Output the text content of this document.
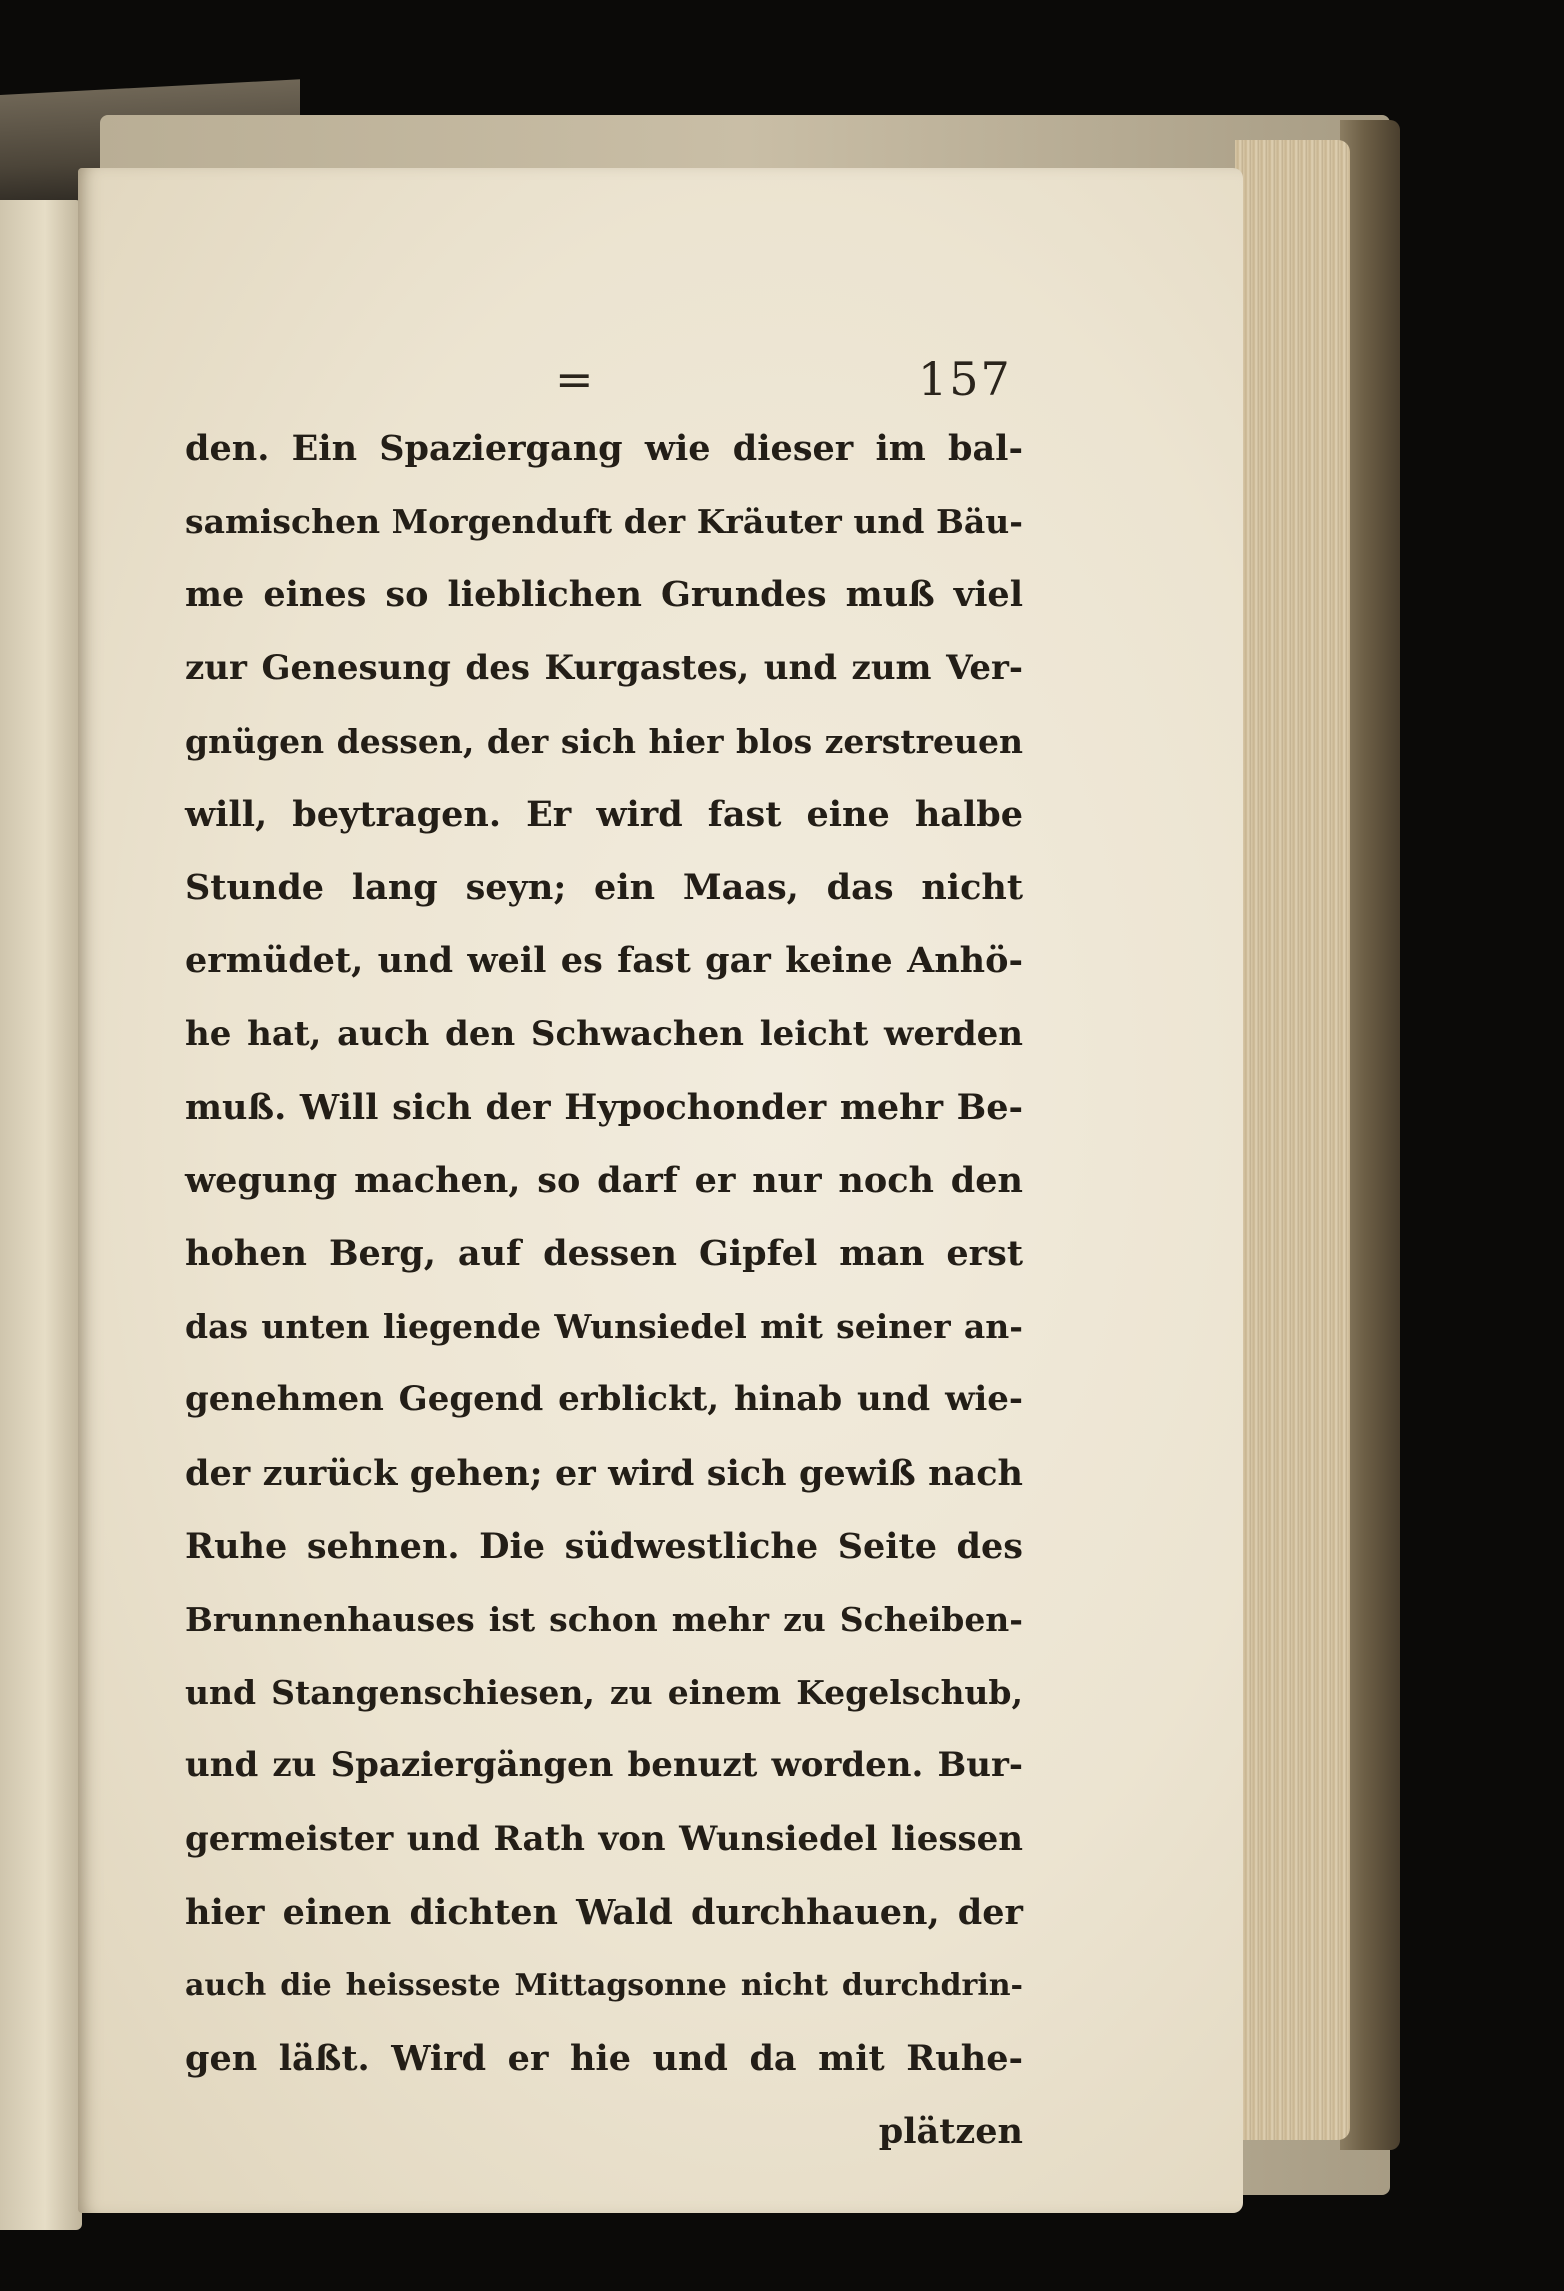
=	157
den. Ein Spaziergang wie dieser im bal-
samischen Morgenduft der Kräuter und Bäu-
me eines so lieblichen Grundes muß viel
zur Genesung des Kurgastes, und zum Ver-
gnügen dessen, der sich hier blos zerstreuen
will, beytragen. Er wird fast eine halbe
Stunde lang seyn; ein Maas, das nicht
ermüdet, und weil es fast gar keine Anhö-
he hat, auch den Schwachen leicht werden
muß. Will sich der Hypochonder mehr Be-
wegung machen, so darf er nur noch den
hohen Berg, auf dessen Gipfel man erst
das unten liegende Wunsiedel mit seiner an-
genehmen Gegend erblickt, hinab und wie-
der zurück gehen; er wird sich gewiß nach
Ruhe sehnen. Die südwestliche Seite des
Brunnenhauses ist schon mehr zu Scheiben-
und Stangenschiesen, zu einem Kegelschub,
und zu Spaziergängen benuzt worden. Bur-
germeister und Rath von Wunsiedel liessen
hier einen dichten Wald durchhauen, der
auch die heisseste Mittagsonne nicht durchdrin-
gen läßt. Wird er hie und da mit Ruhe-
plätzen
